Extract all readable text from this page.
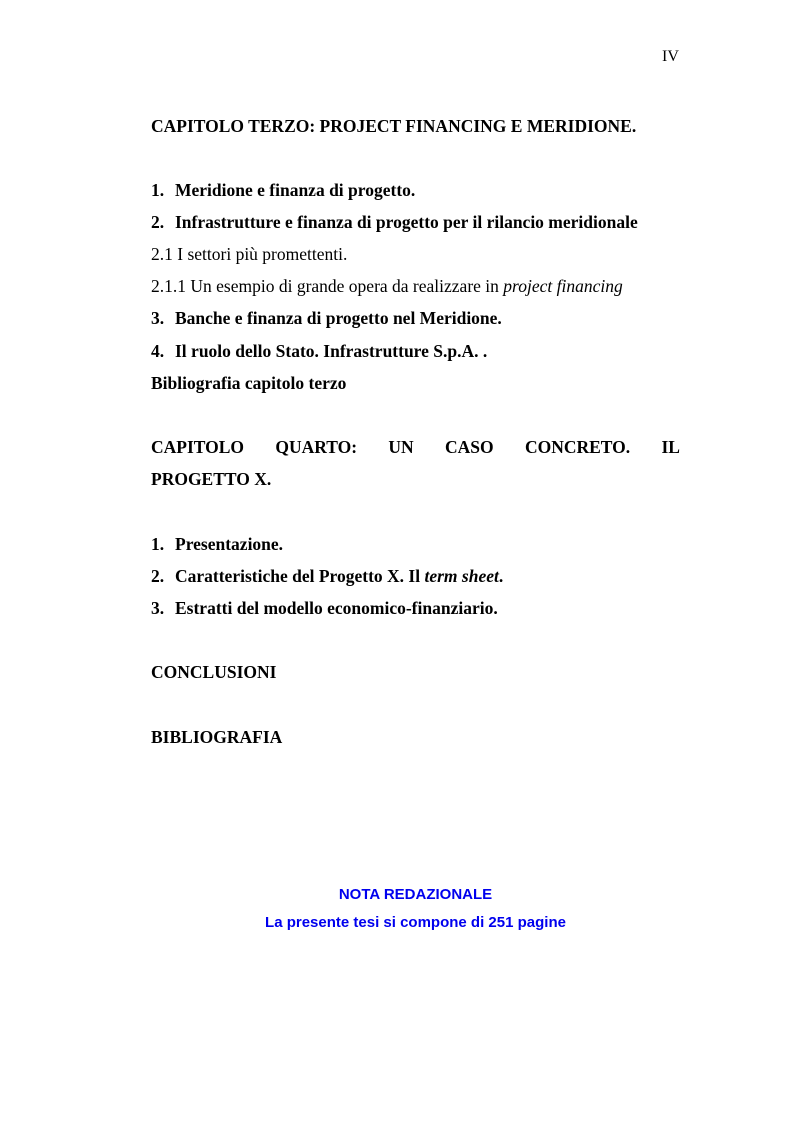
IV
CAPITOLO TERZO: PROJECT FINANCING E MERIDIONE.
1. Meridione e finanza di progetto.
2. Infrastrutture e finanza di progetto per il rilancio meridionale
2.1 I settori più promettenti.
2.1.1 Un esempio di grande opera da realizzare in project financing
3. Banche e finanza di progetto nel Meridione.
4. Il ruolo dello Stato. Infrastrutture S.p.A. .
Bibliografia capitolo terzo
CAPITOLO QUARTO: UN CASO CONCRETO. IL
PROGETTO X.
1. Presentazione.
2. Caratteristiche del Progetto X. Il term sheet.
3. Estratti del modello economico-finanziario.
CONCLUSIONI
BIBLIOGRAFIA
NOTA REDAZIONALE
La presente tesi si compone di 251 pagine
